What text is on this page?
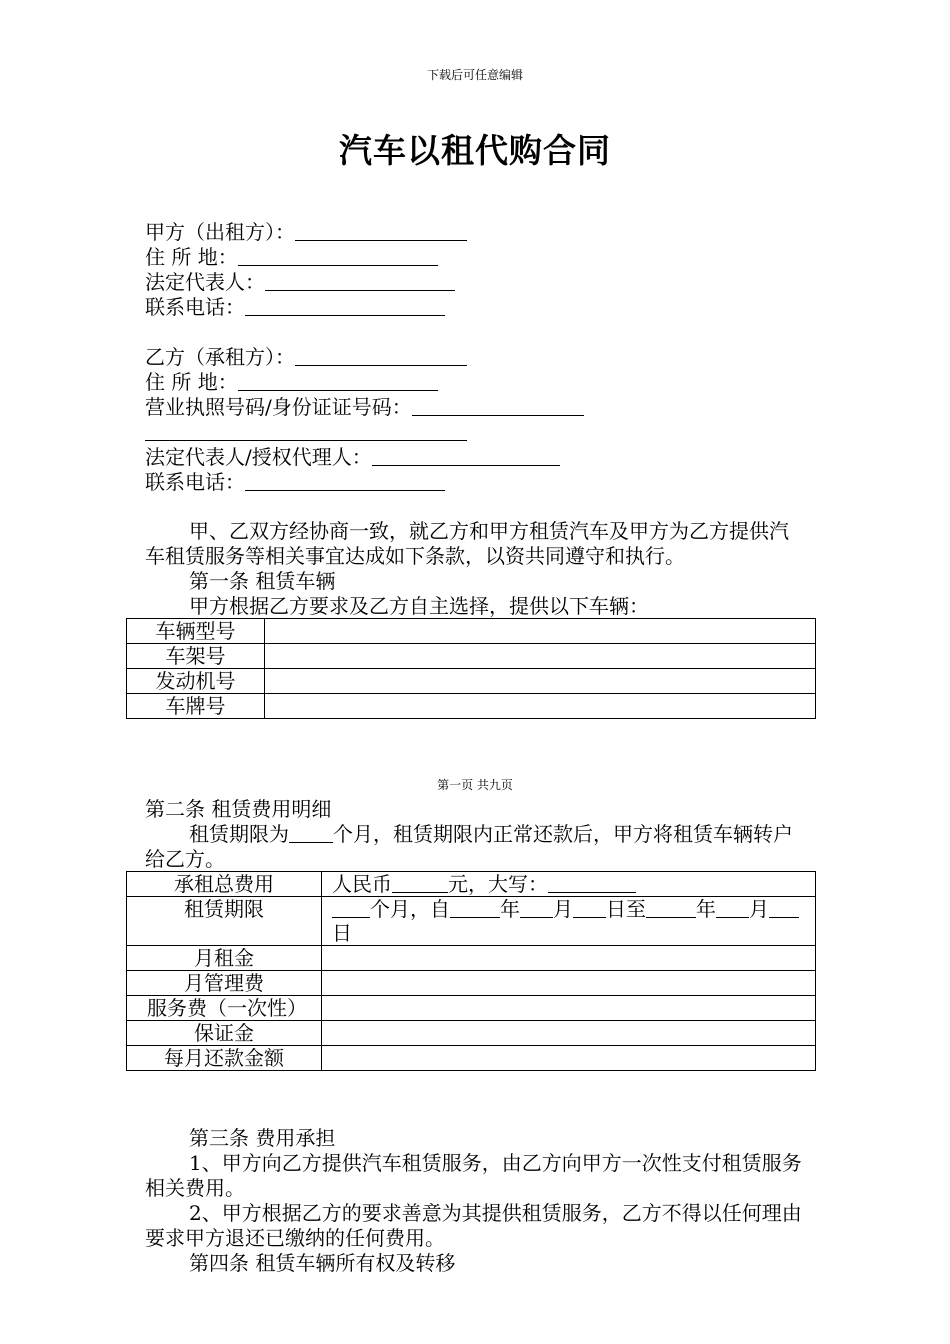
下载后可任意编辑
汽车以租代购合同
甲方（出租方）：
住 所 地：
法定代表人：
联系电话：
乙方（承租方）：
住 所 地：
营业执照号码/身份证证号码：
法定代表人/授权代理人：
联系电话：
甲、乙双方经协商一致，就乙方和甲方租赁汽车及甲方为乙方提供汽车租赁服务等相关事宜达成如下条款，以资共同遵守和执行。
第一条 租赁车辆
甲方根据乙方要求及乙方自主选择，提供以下车辆：
车辆型号	
车架号	
发动机号	
车牌号	
第一页 共九页
第二条 租赁费用明细
租赁期限为 个月，租赁期限内正常还款后，甲方将租赁车辆转户给乙方。
承租总费用	人民币 元，大写：
租赁期限	个月，自 年 月 日至 年 月日
月租金	
月管理费	
服务费（一次性）	
保证金	
每月还款金额	
第三条 费用承担
1、甲方向乙方提供汽车租赁服务，由乙方向甲方一次性支付租赁服务相关费用。
2、甲方根据乙方的要求善意为其提供租赁服务，乙方不得以任何理由要求甲方退还已缴纳的任何费用。
第四条 租赁车辆所有权及转移
